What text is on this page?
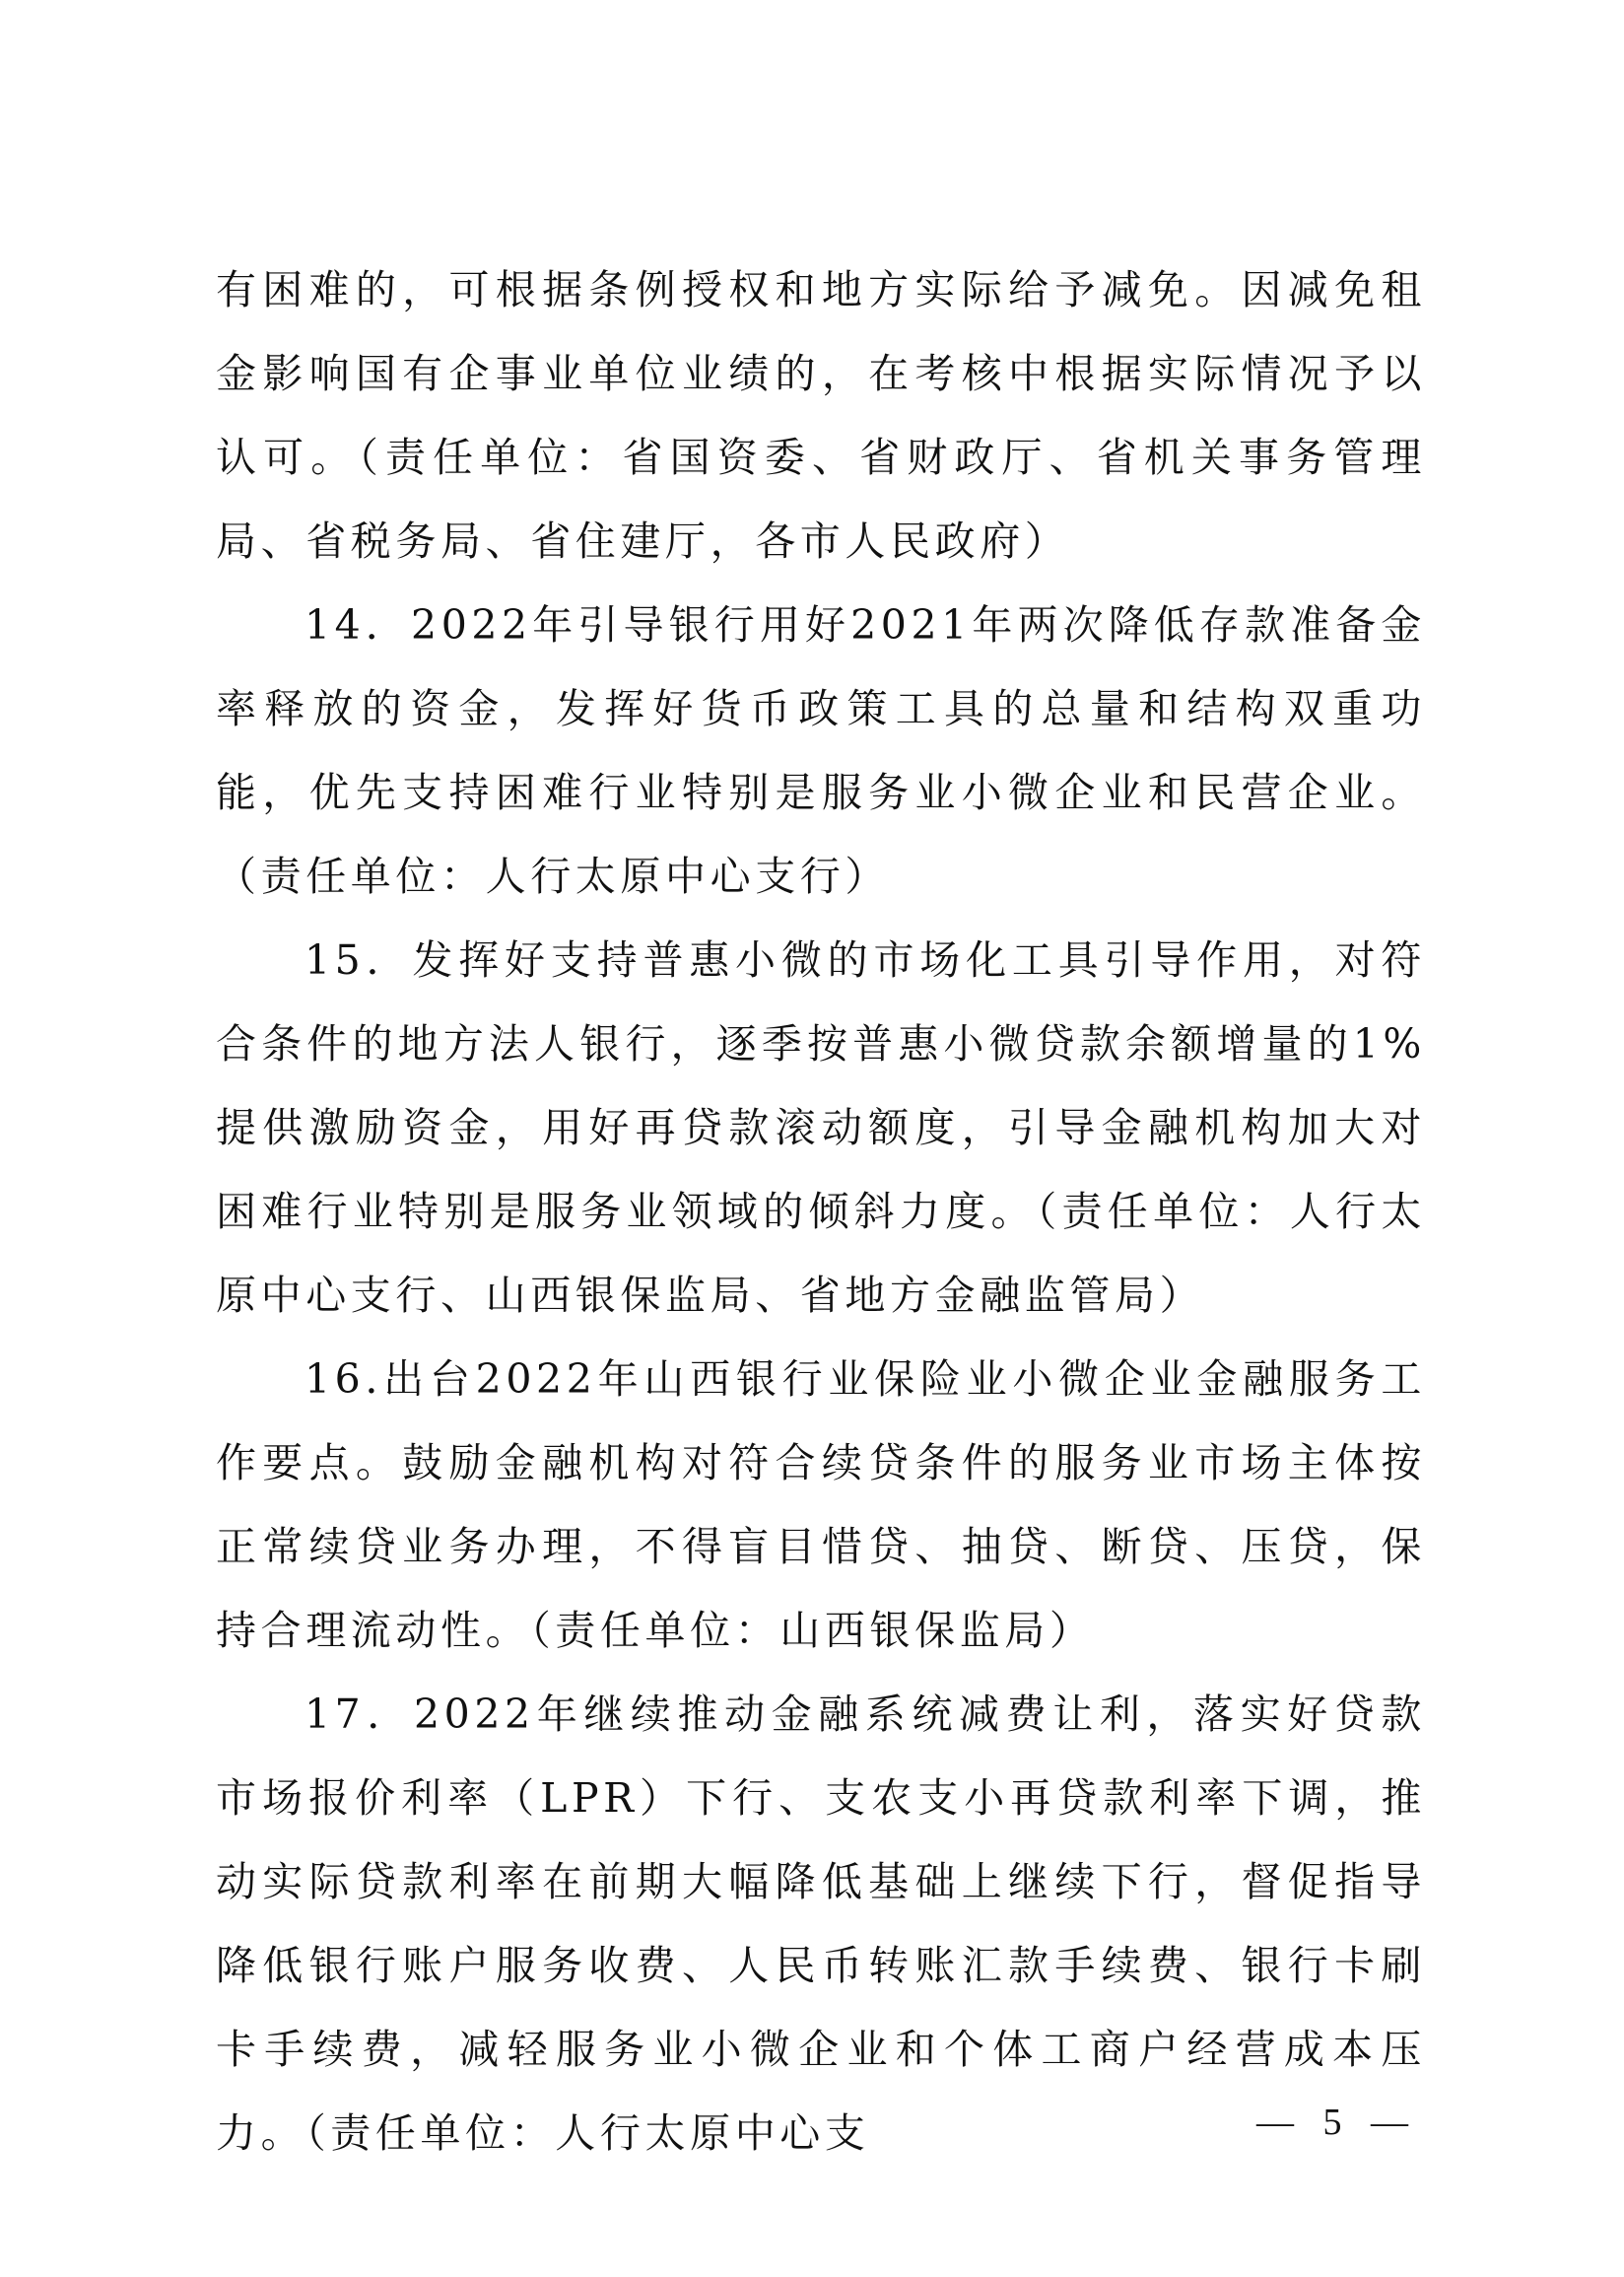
有困难的，可根据条例授权和地方实际给予减免。因减免租金影响国有企事业单位业绩的，在考核中根据实际情况予以认可。（责任单位：省国资委、省财政厅、省机关事务管理局、省税务局、省住建厅，各市人民政府）

14．2022年引导银行用好2021年两次降低存款准备金率释放的资金，发挥好货币政策工具的总量和结构双重功能，优先支持困难行业特别是服务业小微企业和民营企业。（责任单位：人行太原中心支行）

15．发挥好支持普惠小微的市场化工具引导作用，对符合条件的地方法人银行，逐季按普惠小微贷款余额增量的1%提供激励资金，用好再贷款滚动额度，引导金融机构加大对困难行业特别是服务业领域的倾斜力度。（责任单位：人行太原中心支行、山西银保监局、省地方金融监管局）

16.出台2022年山西银行业保险业小微企业金融服务工作要点。鼓励金融机构对符合续贷条件的服务业市场主体按正常续贷业务办理，不得盲目惜贷、抽贷、断贷、压贷，保持合理流动性。（责任单位：山西银保监局）

17．2022年继续推动金融系统减费让利，落实好贷款市场报价利率（LPR）下行、支农支小再贷款利率下调，推动实际贷款利率在前期大幅降低基础上继续下行，督促指导降低银行账户服务收费、人民币转账汇款手续费、银行卡刷卡手续费，减轻服务业小微企业和个体工商户经营成本压力。（责任单位：人行太原中心支	— 5 —
